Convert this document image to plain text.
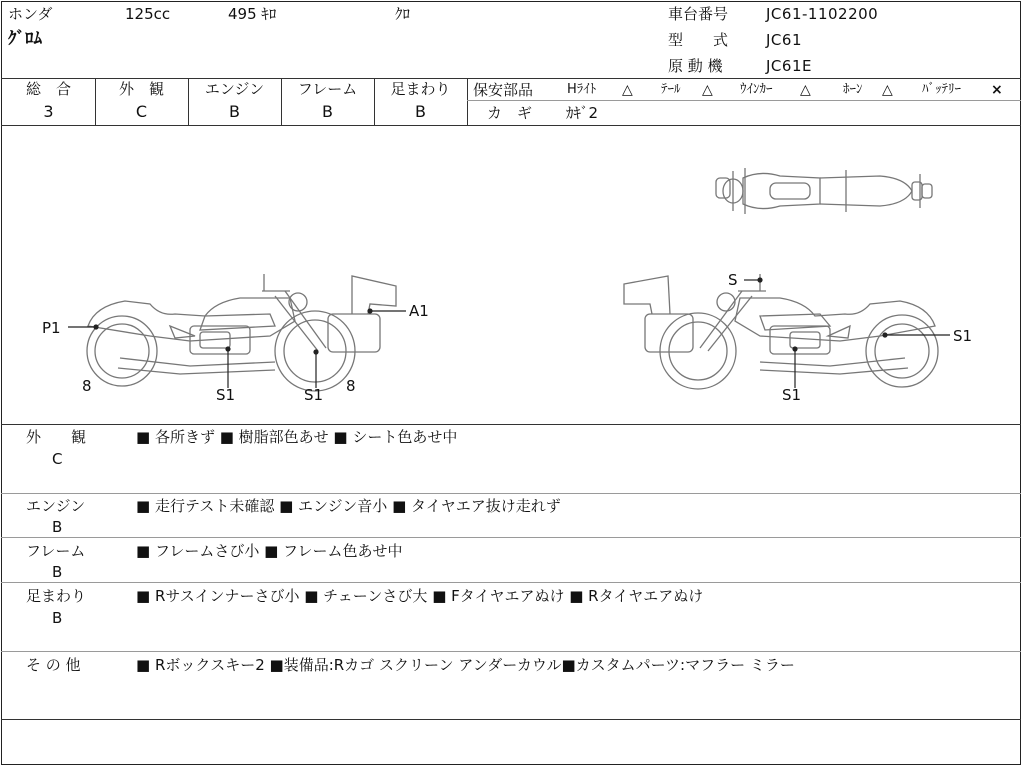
ホンダ	125cc	495 ｷﾛ	ｸﾛ
ｸﾞﾛﾑ
車台番号	JC61-1102200
型　　式	JC61
原 動 機	JC61E
総　合
3
外　観
C
エンジン
B
フレーム
B
足まわり
B
保安部品	Hﾗｲﾄ △ ﾃｰﾙ △ ｳｲﾝｶｰ △ ﾎｰﾝ △ ﾊﾞｯﾃﾘｰ ×
カ　ギ ｶｷﾞ2
P1
A1
S1	S1
8	8
S
S1
S1
外　　観
C
■ 各所きず ■ 樹脂部色あせ ■ シート色あせ中
エンジン
B
■ 走行テスト未確認 ■ エンジン音小 ■ タイヤエア抜け走れず
フレーム
B
■ フレームさび小 ■ フレーム色あせ中
足まわり
B
■ Rサスインナーさび小 ■ チェーンさび大 ■ Fタイヤエアぬけ ■ Rタイヤエアぬけ
そ の 他	■ Rボックスキー2 ■装備品:Rカゴ スクリーン アンダーカウル■カスタムパーツ:マフラー ミラー
